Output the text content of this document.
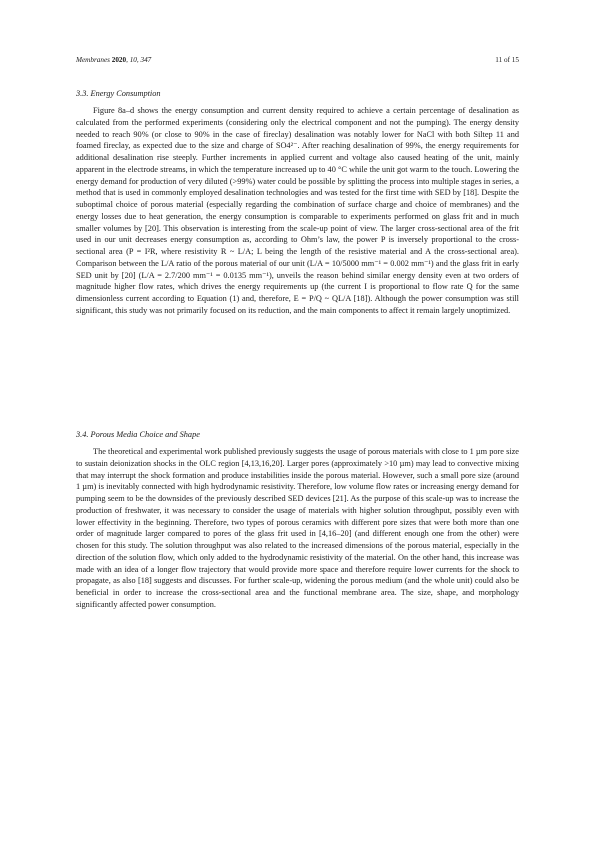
Membranes 2020, 10, 347	11 of 15
3.3. Energy Consumption

Figure 8a–d shows the energy consumption and current density required to achieve a certain percentage of desalination as calculated from the performed experiments (considering only the electrical component and not the pumping). The energy density needed to reach 90% (or close to 90% in the case of fireclay) desalination was notably lower for NaCl with both Siltep 11 and foamed fireclay, as expected due to the size and charge of SO4²⁻. After reaching desalination of 99%, the energy requirements for additional desalination rise steeply. Further increments in applied current and voltage also caused heating of the unit, mainly apparent in the electrode streams, in which the temperature increased up to 40 °C while the unit got warm to the touch. Lowering the energy demand for production of very diluted (>99%) water could be possible by splitting the process into multiple stages in series, a method that is used in commonly employed desalination technologies and was tested for the first time with SED by [18]. Despite the suboptimal choice of porous material (especially regarding the combination of surface charge and choice of membranes) and the energy losses due to heat generation, the energy consumption is comparable to experiments performed on glass frit and in much smaller volumes by [20]. This observation is interesting from the scale-up point of view. The larger cross-sectional area of the frit used in our unit decreases energy consumption as, according to Ohm’s law, the power P is inversely proportional to the cross-sectional area (P = I²R, where resistivity R ~ L/A; L being the length of the resistive material and A the cross-sectional area). Comparison between the L/A ratio of the porous material of our unit (L/A = 10/5000 mm⁻¹ = 0.002 mm⁻¹) and the glass frit in early SED unit by [20] (L/A = 2.7/200 mm⁻¹ = 0.0135 mm⁻¹), unveils the reason behind similar energy density even at two orders of magnitude higher flow rates, which drives the energy requirements up (the current I is proportional to flow rate Q for the same dimensionless current according to Equation (1) and, therefore, E = P/Q ~ QL/A [18]). Although the power consumption was still significant, this study was not primarily focused on its reduction, and the main components to affect it remain largely unoptimized.

3.4. Porous Media Choice and Shape

The theoretical and experimental work published previously suggests the usage of porous materials with close to 1 µm pore size to sustain deionization shocks in the OLC region [4,13,16,20]. Larger pores (approximately >10 µm) may lead to convective mixing that may interrupt the shock formation and produce instabilities inside the porous material. However, such a small pore size (around 1 µm) is inevitably connected with high hydrodynamic resistivity. Therefore, low volume flow rates or increasing energy demand for pumping seem to be the downsides of the previously described SED devices [21]. As the purpose of this scale-up was to increase the production of freshwater, it was necessary to consider the usage of materials with higher solution throughput, possibly even with lower effectivity in the beginning. Therefore, two types of porous ceramics with different pore sizes that were both more than one order of magnitude larger compared to pores of the glass frit used in [4,16–20] (and different enough one from the other) were chosen for this study. The solution throughput was also related to the increased dimensions of the porous material, especially in the direction of the solution flow, which only added to the hydrodynamic resistivity of the material. On the other hand, this increase was made with an idea of a longer flow trajectory that would provide more space and therefore require lower currents for the shock to propagate, as also [18] suggests and discusses. For further scale-up, widening the porous medium (and the whole unit) could also be beneficial in order to increase the cross-sectional area and the functional membrane area. The size, shape, and morphology significantly affected power consumption.
